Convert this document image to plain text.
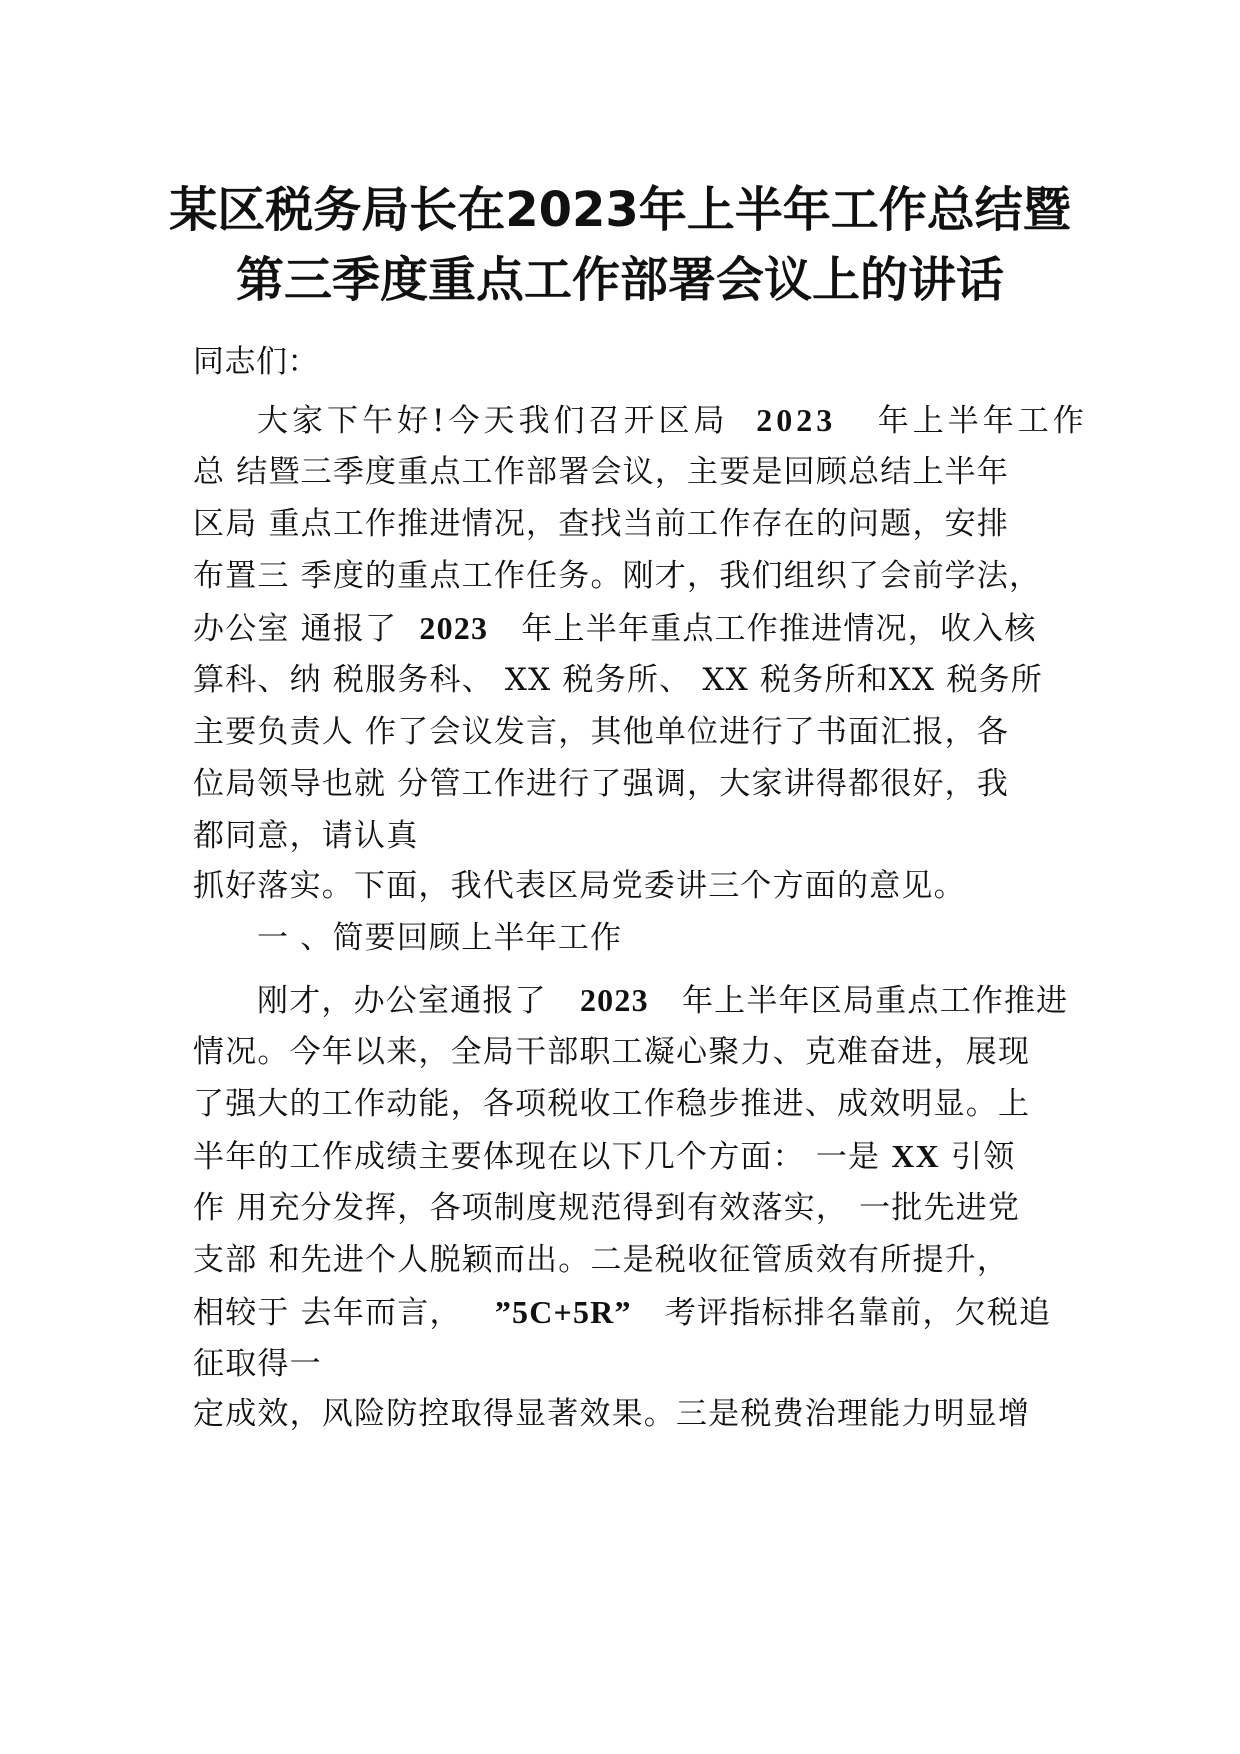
某区税务局长在2023年上半年工作总结暨
第三季度重点工作部署会议上的讲话
同志们：
大家下午好!今天我们召开区局 2023 年上半年工作
总 结暨三季度重点工作部署会议，主要是回顾总结上半年
区局 重点工作推进情况，查找当前工作存在的问题，安排
布置三 季度的重点工作任务。刚才，我们组织了会前学法，
办公室 通报了 2023 年上半年重点工作推进情况，收入核
算科、纳 税服务科、 XX 税务所、 XX 税务所和XX 税务所
主要负责人 作了会议发言，其他单位进行了书面汇报，各
位局领导也就 分管工作进行了强调，大家讲得都很好，我
都同意，请认真
抓好落实。下面，我代表区局党委讲三个方面的意见。
一 、简要回顾上半年工作
刚才，办公室通报了 2023 年上半年区局重点工作推进
情况。今年以来，全局干部职工凝心聚力、克难奋进，展现
了强大的工作动能，各项税收工作稳步推进、成效明显。上
半年的工作成绩主要体现在以下几个方面： 一是 XX 引领
作 用充分发挥，各项制度规范得到有效落实， 一批先进党
支部 和先进个人脱颖而出。二是税收征管质效有所提升，
相较于 去年而言， ”5C+5R” 考评指标排名靠前，欠税追
征取得一
定成效，风险防控取得显著效果。三是税费治理能力明显增
